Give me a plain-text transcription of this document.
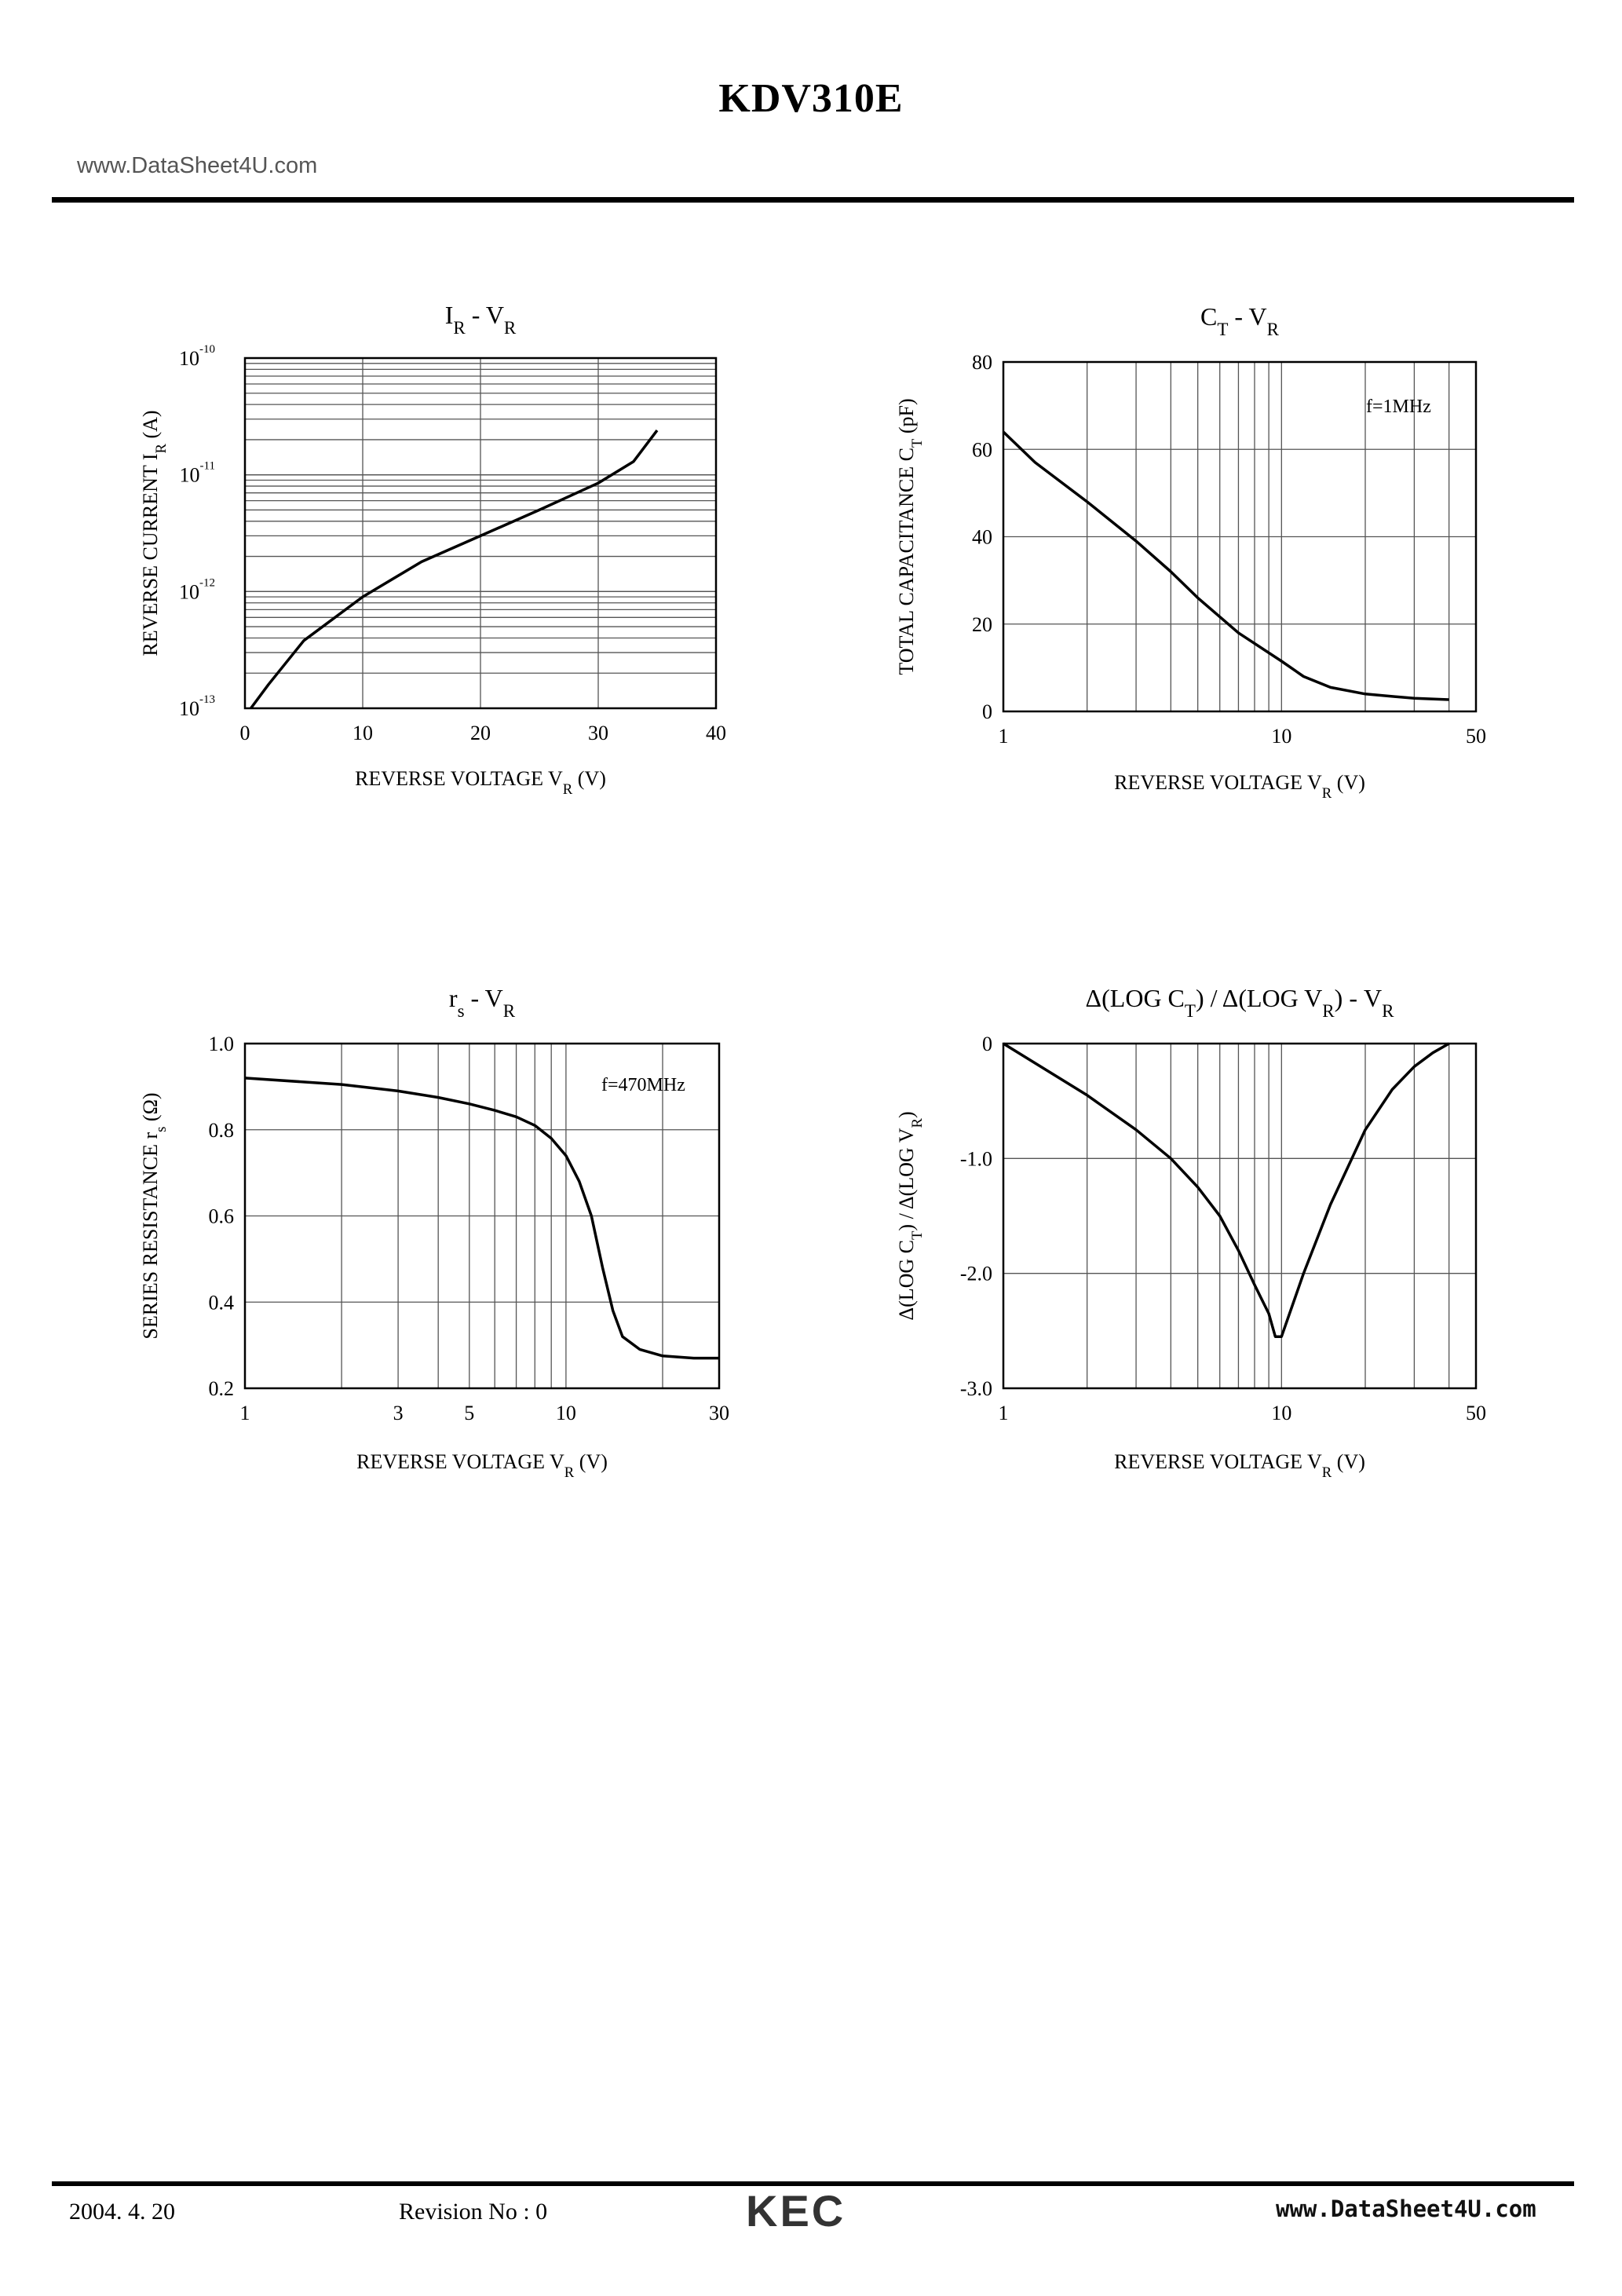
KDV310E
www.DataSheet4U.com
0	10	20	30	40
$10^{-10}$
$10^{-11}$
$10^{-12}$
$10^{-13}$
$I_R - V_R$
REVERSE VOLTAGE $V_R$ (V)
REVERSE CURRENT $I_R$ (A)
1	10	50
0
20
40
60
80
$C_T - V_R$
REVERSE VOLTAGE $V_R$ (V)
TOTAL CAPACITANCE $C_T$ (pF)	f=1MHz
1	3	5	10	30
0.2
0.4
0.6
0.8
1.0
$r_s - V_R$
REVERSE VOLTAGE $V_R$ (V)
SERIES RESISTANCE $r_s$ (Ω)
f=470MHz
1	10	50
0
-1.0
-2.0
-3.0
Δ(LOG $C_T) / \Delta(LOG$ $V_R) - V_R$
REVERSE VOLTAGE $V_R$ (V)
Δ(LOG $C_T) / \Delta(LOG$ $V_R$)
2004. 4. 20	Revision No : 0	KEC	www.DataSheet4U.com
